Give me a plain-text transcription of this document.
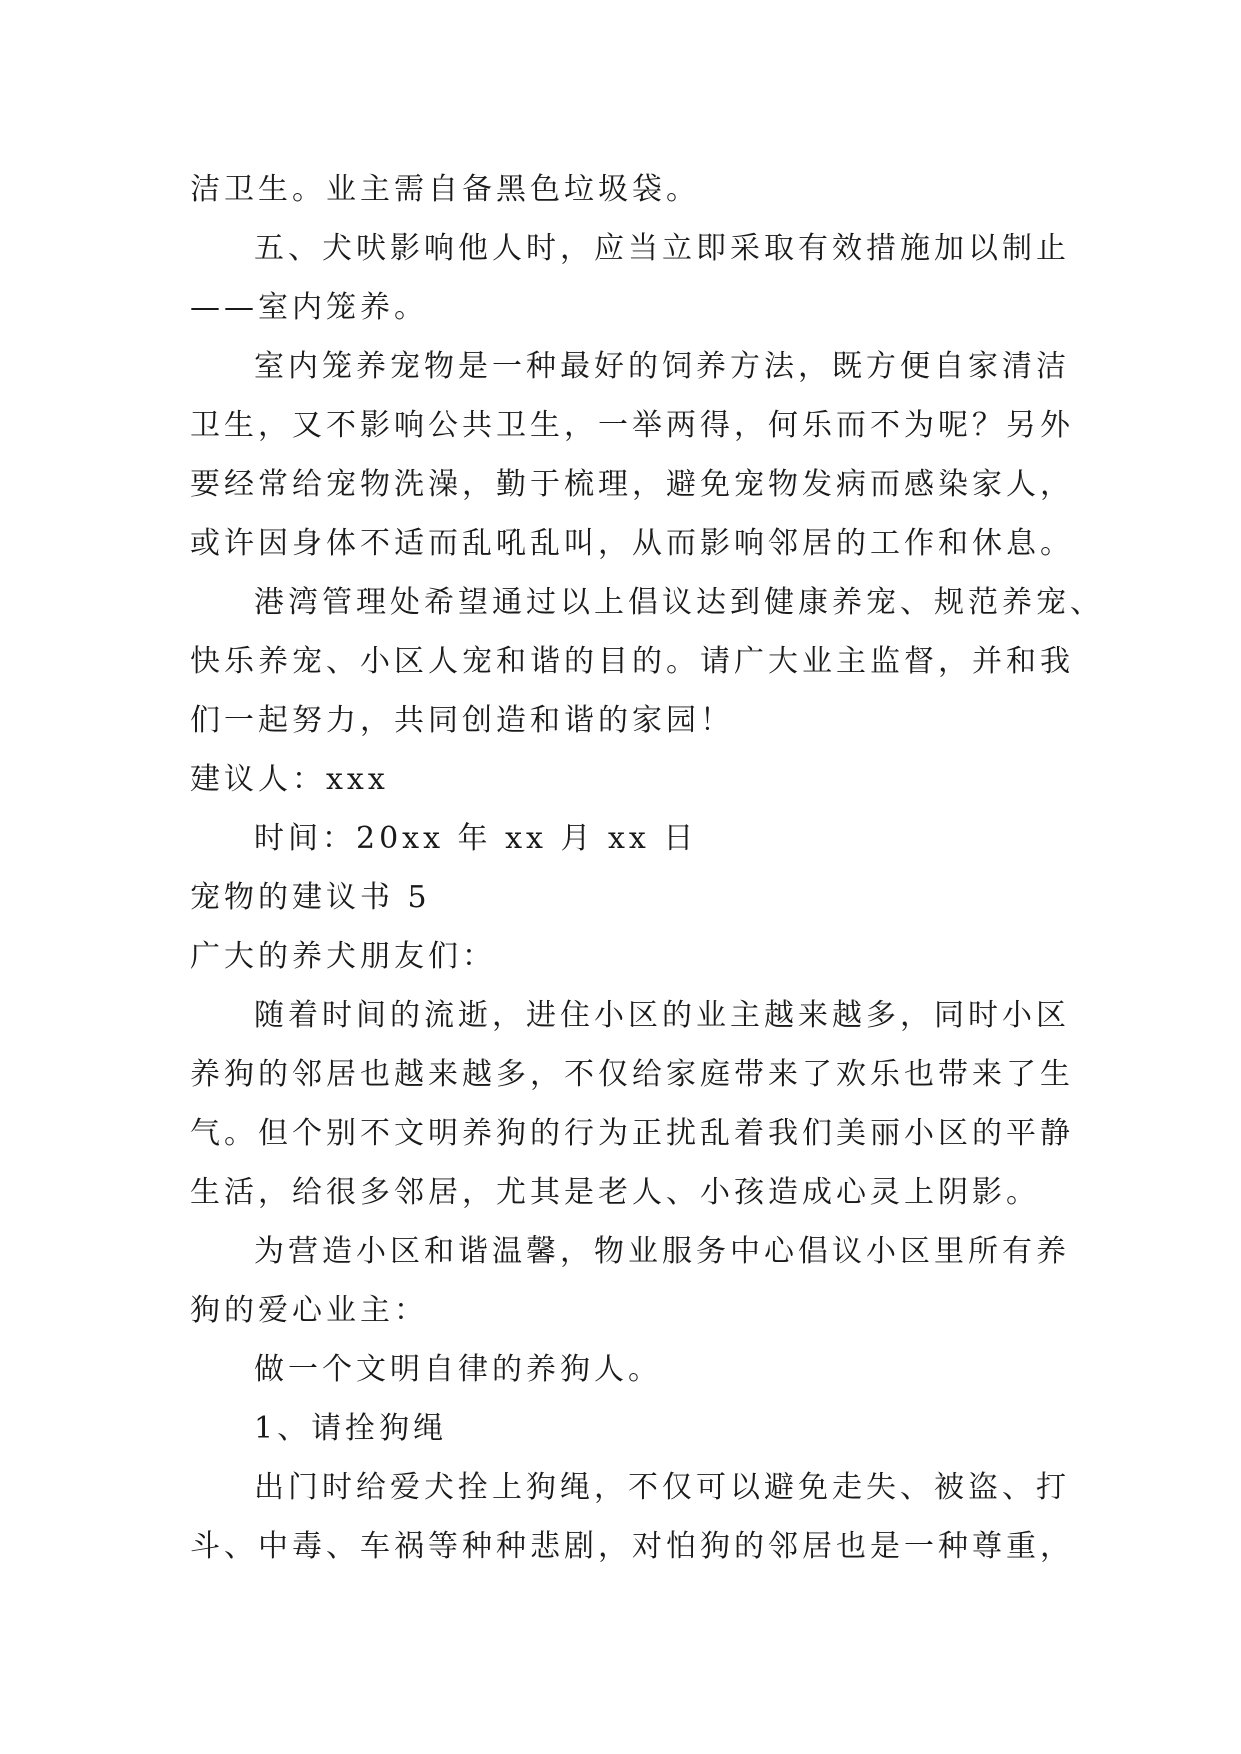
洁卫生。业主需自备黑色垃圾袋。
五、犬吠影响他人时，应当立即采取有效措施加以制止
——室内笼养。
室内笼养宠物是一种最好的饲养方法，既方便自家清洁
卫生，又不影响公共卫生，一举两得，何乐而不为呢？另外
要经常给宠物洗澡，勤于梳理，避免宠物发病而感染家人，
或许因身体不适而乱吼乱叫，从而影响邻居的工作和休息。
港湾管理处希望通过以上倡议达到健康养宠、规范养宠、
快乐养宠、小区人宠和谐的目的。请广大业主监督，并和我
们一起努力，共同创造和谐的家园！
建议人：xxx
时间：20xx 年 xx 月 xx 日
宠物的建议书 5
广大的养犬朋友们：
随着时间的流逝，进住小区的业主越来越多，同时小区
养狗的邻居也越来越多，不仅给家庭带来了欢乐也带来了生
气。但个别不文明养狗的行为正扰乱着我们美丽小区的平静
生活，给很多邻居，尤其是老人、小孩造成心灵上阴影。
为营造小区和谐温馨，物业服务中心倡议小区里所有养
狗的爱心业主：
做一个文明自律的养狗人。
1、请拴狗绳
出门时给爱犬拴上狗绳，不仅可以避免走失、被盗、打
斗、中毒、车祸等种种悲剧，对怕狗的邻居也是一种尊重，
